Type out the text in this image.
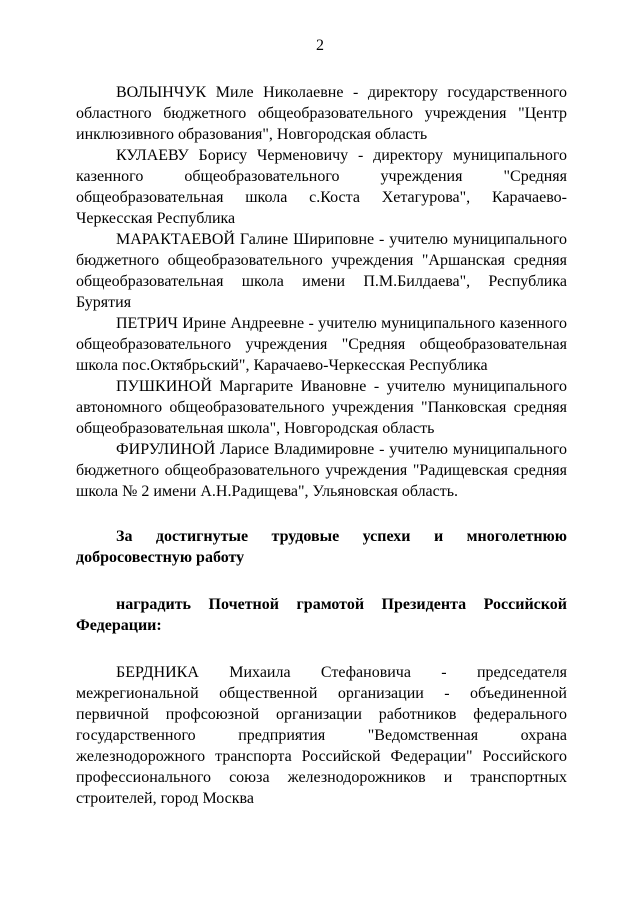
2

ВОЛЫНЧУК Миле Николаевне - директору государственного областного бюджетного общеобразовательного учреждения "Центр инклюзивного образования", Новгородская область

КУЛАЕВУ Борису Черменовичу - директору муниципального казенного общеобразовательного учреждения "Средняя общеобразовательная школа с.Коста Хетагурова", Карачаево-Черкесская Республика

МАРАКТАЕВОЙ Галине Шириповне - учителю муниципального бюджетного общеобразовательного учреждения "Аршанская средняя общеобразовательная школа имени П.М.Билдаева", Республика Бурятия

ПЕТРИЧ Ирине Андреевне - учителю муниципального казенного общеобразовательного учреждения "Средняя общеобразовательная школа пос.Октябрьский", Карачаево-Черкесская Республика

ПУШКИНОЙ Маргарите Ивановне - учителю муниципального автономного общеобразовательного учреждения "Панковская средняя общеобразовательная школа", Новгородская область

ФИРУЛИНОЙ Ларисе Владимировне - учителю муниципального бюджетного общеобразовательного учреждения "Радищевская средняя школа № 2 имени А.Н.Радищева", Ульяновская область.

За достигнутые трудовые успехи и многолетнюю добросовестную работу

наградить Почетной грамотой Президента Российской Федерации:

БЕРДНИКА Михаила Стефановича - председателя межрегиональной общественной организации - объединенной первичной профсоюзной организации работников федерального государственного предприятия "Ведомственная охрана железнодорожного транспорта Российской Федерации" Российского профессионального союза железнодорожников и транспортных строителей, город Москва
